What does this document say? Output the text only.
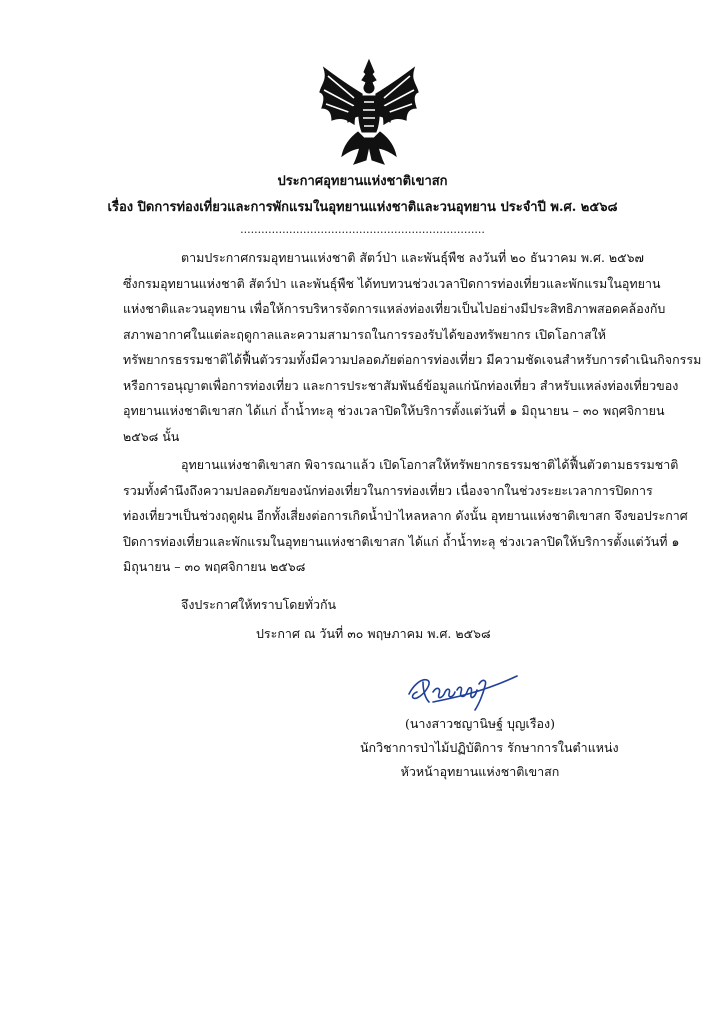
ประกาศอุทยานแห่งชาติเขาสก
เรื่อง ปิดการท่องเที่ยวและการพักแรมในอุทยานแห่งชาติและวนอุทยาน ประจำปี พ.ศ. ๒๕๖๘
......................................................................
ตามประกาศกรมอุทยานแห่งชาติ สัตว์ป่า และพันธุ์พืช ลงวันที่ ๒๐ ธันวาคม พ.ศ. ๒๕๖๗
ซึ่งกรมอุทยานแห่งชาติ สัตว์ป่า และพันธุ์พืช ได้ทบทวนช่วงเวลาปิดการท่องเที่ยวและพักแรมในอุทยาน
แห่งชาติและวนอุทยาน เพื่อให้การบริหารจัดการแหล่งท่องเที่ยวเป็นไปอย่างมีประสิทธิภาพสอดคล้องกับ
สภาพอากาศในแต่ละฤดูกาลและความสามารถในการรองรับได้ของทรัพยากร เปิดโอกาสให้
ทรัพยากรธรรมชาติได้ฟื้นตัวรวมทั้งมีความปลอดภัยต่อการท่องเที่ยว มีความชัดเจนสำหรับการดำเนินกิจกรรม
หรือการอนุญาตเพื่อการท่องเที่ยว และการประชาสัมพันธ์ข้อมูลแก่นักท่องเที่ยว สำหรับแหล่งท่องเที่ยวของ
อุทยานแห่งชาติเขาสก ได้แก่ ถ้ำน้ำทะลุ ช่วงเวลาปิดให้บริการตั้งแต่วันที่ ๑ มิถุนายน – ๓๐ พฤศจิกายน
๒๕๖๘ นั้น
อุทยานแห่งชาติเขาสก พิจารณาแล้ว เปิดโอกาสให้ทรัพยากรธรรมชาติได้ฟื้นตัวตามธรรมชาติ
รวมทั้งคำนึงถึงความปลอดภัยของนักท่องเที่ยวในการท่องเที่ยว เนื่องจากในช่วงระยะเวลาการปิดการ
ท่องเที่ยวฯเป็นช่วงฤดูฝน อีกทั้งเสี่ยงต่อการเกิดน้ำป่าไหลหลาก ดังนั้น อุทยานแห่งชาติเขาสก จึงขอประกาศ
ปิดการท่องเที่ยวและพักแรมในอุทยานแห่งชาติเขาสก ได้แก่ ถ้ำน้ำทะลุ ช่วงเวลาปิดให้บริการตั้งแต่วันที่ ๑
มิถุนายน – ๓๐ พฤศจิกายน ๒๕๖๘
จึงประกาศให้ทราบโดยทั่วกัน
ประกาศ ณ วันที่ ๓๐ พฤษภาคม พ.ศ. ๒๕๖๘
(นางสาวชญานิษฐ์ บุญเรือง)
นักวิชาการป่าไม้ปฏิบัติการ รักษาการในตำแหน่ง
หัวหน้าอุทยานแห่งชาติเขาสก
